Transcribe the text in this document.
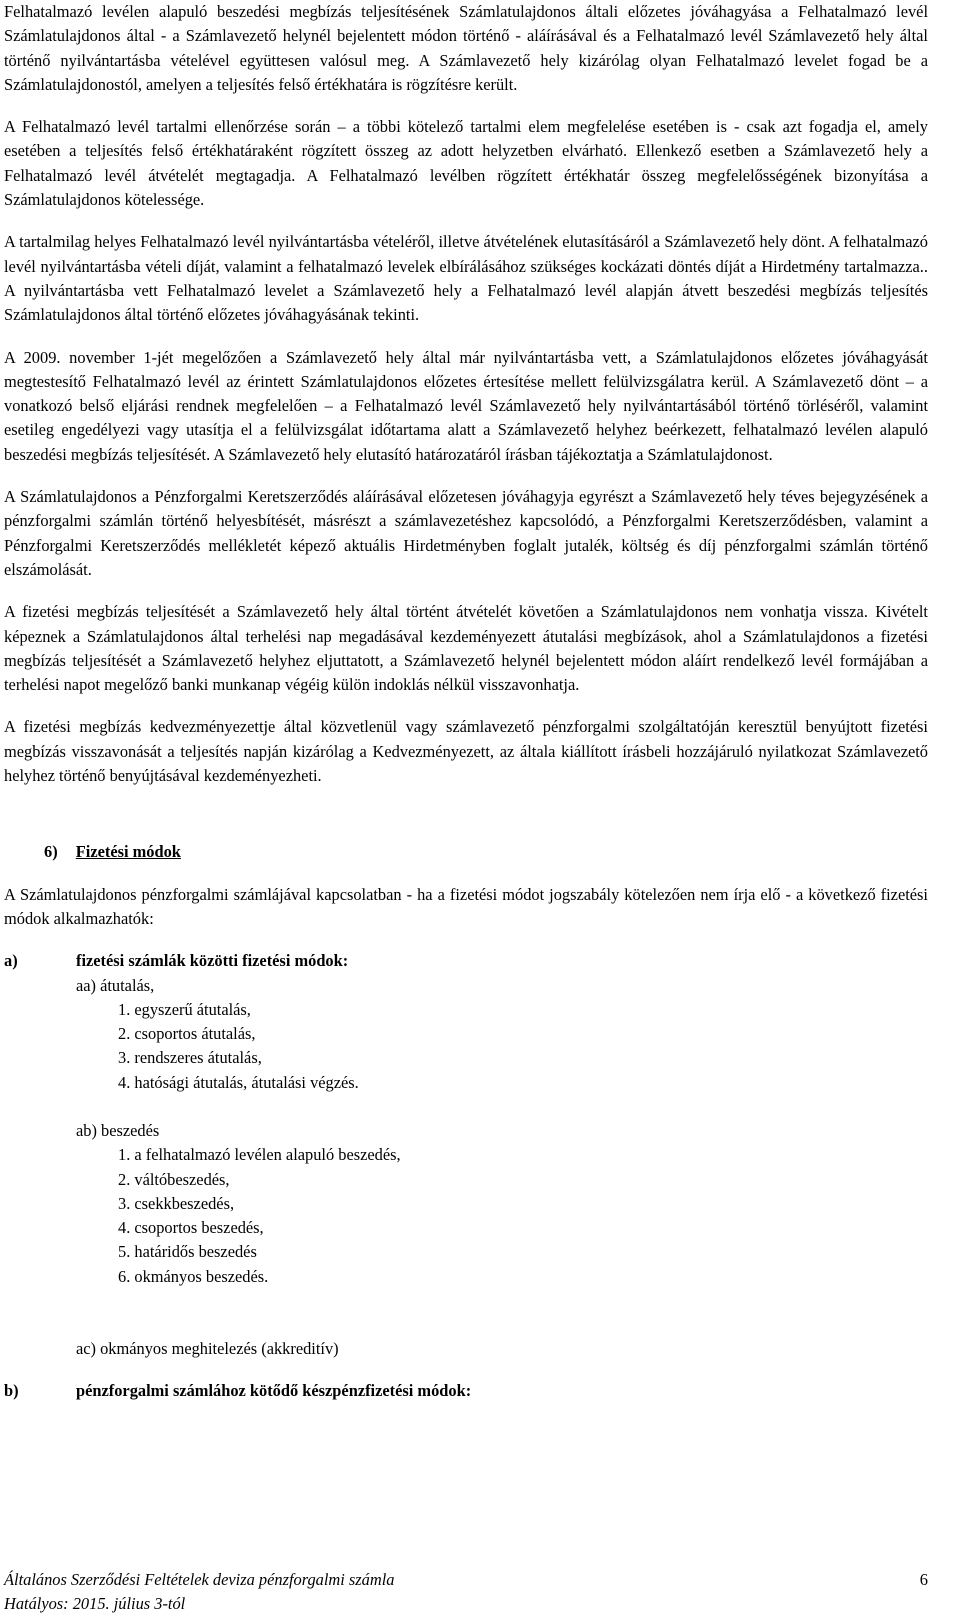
Felhatalmazó levélen alapuló beszedési megbízás teljesítésének Számlatulajdonos általi előzetes jóváhagyása a Felhatalmazó levél Számlatulajdonos által - a Számlavezető helynél bejelentett módon történő - aláírásával és a Felhatalmazó levél Számlavezető hely által történő nyilvántartásba vételével együttesen valósul meg. A Számlavezető hely kizárólag olyan Felhatalmazó levelet fogad be a Számlatulajdonostól, amelyen a teljesítés felső értékhatára is rögzítésre került.

A Felhatalmazó levél tartalmi ellenőrzése során – a többi kötelező tartalmi elem megfelelése esetében is - csak azt fogadja el, amely esetében a teljesítés felső értékhatáraként rögzített összeg az adott helyzetben elvárható. Ellenkező esetben a Számlavezető hely a Felhatalmazó levél átvételét megtagadja. A Felhatalmazó levélben rögzített értékhatár összeg megfelelősségének bizonyítása a Számlatulajdonos kötelessége.

A tartalmilag helyes Felhatalmazó levél nyilvántartásba vételéről, illetve átvételének elutasításáról a Számlavezető hely dönt. A felhatalmazó levél nyilvántartásba vételi díját, valamint a felhatalmazó levelek elbírálásához szükséges kockázati döntés díját a Hirdetmény tartalmazza.. A nyilvántartásba vett Felhatalmazó levelet a Számlavezető hely a Felhatalmazó levél alapján átvett beszedési megbízás teljesítés Számlatulajdonos által történő előzetes jóváhagyásának tekinti.

A 2009. november 1-jét megelőzően a Számlavezető hely által már nyilvántartásba vett, a Számlatulajdonos előzetes jóváhagyását megtestesítő Felhatalmazó levél az érintett Számlatulajdonos előzetes értesítése mellett felülvizsgálatra kerül. A Számlavezető dönt – a vonatkozó belső eljárási rendnek megfelelően – a Felhatalmazó levél Számlavezető hely nyilvántartásából történő törléséről, valamint esetileg engedélyezi vagy utasítja el a felülvizsgálat időtartama alatt a Számlavezető helyhez beérkezett, felhatalmazó levélen alapuló beszedési megbízás teljesítését. A Számlavezető hely elutasító határozatáról írásban tájékoztatja a Számlatulajdonost.

A Számlatulajdonos a Pénzforgalmi Keretszerződés aláírásával előzetesen jóváhagyja egyrészt a Számlavezető hely téves bejegyzésének a pénzforgalmi számlán történő helyesbítését, másrészt a számlavezetéshez kapcsolódó, a Pénzforgalmi Keretszerződésben, valamint a Pénzforgalmi Keretszerződés mellékletét képező aktuális Hirdetményben foglalt jutalék, költség és díj pénzforgalmi számlán történő elszámolását.

A fizetési megbízás teljesítését a Számlavezető hely által történt átvételét követően a Számlatulajdonos nem vonhatja vissza. Kivételt képeznek a Számlatulajdonos által terhelési nap megadásával kezdeményezett átutalási megbízások, ahol a Számlatulajdonos a fizetési megbízás teljesítését a Számlavezető helyhez eljuttatott, a Számlavezető helynél bejelentett módon aláírt rendelkező levél formájában a terhelési napot megelőző banki munkanap végéig külön indoklás nélkül visszavonhatja.

A fizetési megbízás kedvezményezettje által közvetlenül vagy számlavezető pénzforgalmi szolgáltatóján keresztül benyújtott fizetési megbízás visszavonását a teljesítés napján kizárólag a Kedvezményezett, az általa kiállított írásbeli hozzájáruló nyilatkozat Számlavezető helyhez történő benyújtásával kezdeményezheti.

6) Fizetési módok

A Számlatulajdonos pénzforgalmi számlájával kapcsolatban - ha a fizetési módot jogszabály kötelezően nem írja elő - a következő fizetési módok alkalmazhatók:

a)	fizetési számlák közötti fizetési módok:
aa) átutalás,
1. egyszerű átutalás,
2. csoportos átutalás,
3. rendszeres átutalás,
4. hatósági átutalás, átutalási végzés.
ab) beszedés
1. a felhatalmazó levélen alapuló beszedés,
2. váltóbeszedés,
3. csekkbeszedés,
4. csoportos beszedés,
5. határidős beszedés
6. okmányos beszedés.
ac) okmányos meghitelezés (akkreditív)
b)	pénzforgalmi számlához kötődő készpénzfizetési módok:
Általános Szerződési Feltételek deviza pénzforgalmi számla	6
Hatályos: 2015. július 3-tól
